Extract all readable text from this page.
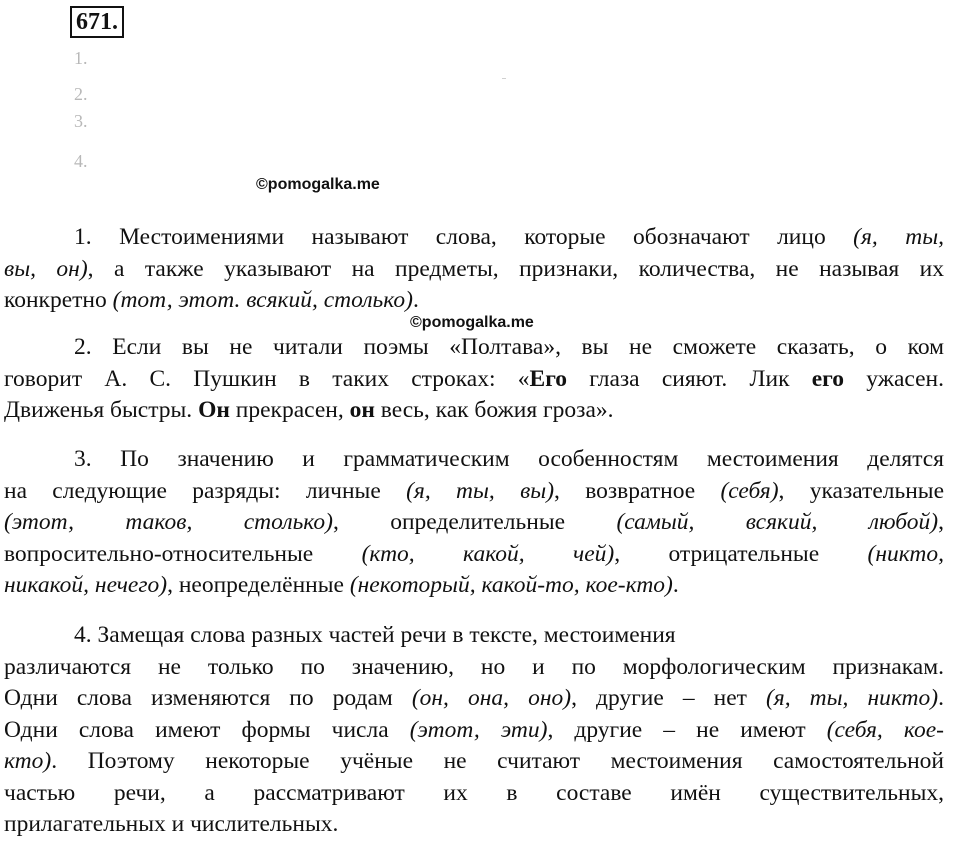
671.
1.
2.
3.
4.
©pomogalka.me
©pomogalka.me
1. Местоимениями называют слова, которые обозначают лицо (я, ты,
вы, он), а также указывают на предметы, признаки, количества, не называя их
конкретно (тот, этот. всякий, столько).
2. Если вы не читали поэмы «Полтава», вы не сможете сказать, о ком
говорит А. С. Пушкин в таких строках: «Его глаза сияют. Лик его ужасен.
Движенья быстры. Он прекрасен, он весь, как божия гроза».
3. По значению и грамматическим особенностям местоимения делятся
на следующие разряды: личные (я, ты, вы), возвратное (себя), указательные
(этот, таков, столько), определительные (самый, всякий, любой),
вопросительно-относительные (кто, какой, чей), отрицательные (никто,
никакой, нечего), неопределённые (некоторый, какой-то, кое-кто).
4. Замещая слова разных частей речи в тексте, местоимения
различаются не только по значению, но и по морфологическим признакам.
Одни слова изменяются по родам (он, она, оно), другие – нет (я, ты, никто).
Одни слова имеют формы числа (этот, эти), другие – не имеют (себя, кое-
кто). Поэтому некоторые учёные не считают местоимения самостоятельной
частью речи, а рассматривают их в составе имён существительных,
прилагательных и числительных.
